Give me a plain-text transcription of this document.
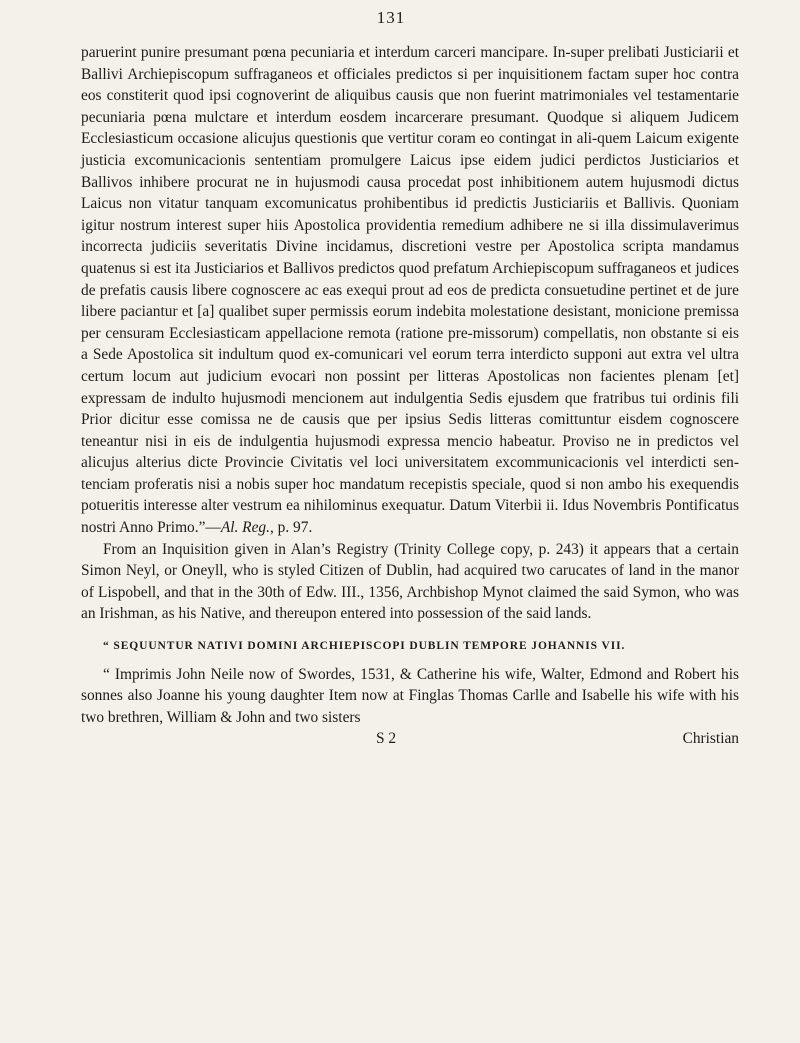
131

paruerint punire presumant pœna pecuniaria et interdum carceri mancipare. In-super prelibati Justiciarii et Ballivi Archiepiscopum suffraganeos et officiales predictos si per inquisitionem factam super hoc contra eos constiterit quod ipsi cognoverint de aliquibus causis que non fuerint matrimoniales vel testamentarie pecuniaria pœna mulctare et interdum eosdem incarcerare presumant. Quodque si aliquem Judicem Ecclesiasticum occasione alicujus questionis que vertitur coram eo contingat in ali-quem Laicum exigente justicia excomunicacionis sententiam promulgere Laicus ipse eidem judici perdictos Justiciarios et Ballivos inhibere procurat ne in hujusmodi causa procedat post inhibitionem autem hujusmodi dictus Laicus non vitatur tanquam excomunicatus prohibentibus id predictis Justiciariis et Ballivis. Quoniam igitur nostrum interest super hiis Apostolica providentia remedium adhibere ne si illa dissimulaverimus incorrecta judiciis severitatis Divine incidamus, discretioni vestre per Apostolica scripta mandamus quatenus si est ita Justiciarios et Ballivos predictos quod prefatum Archiepiscopum suffraganeos et judices de prefatis causis libere cognoscere ac eas exequi prout ad eos de predicta consuetudine pertinet et de jure libere paciantur et [a] qualibet super permissis eorum indebita molestatione desistant, monicione premissa per censuram Ecclesiasticam appellacione remota (ratione pre-missorum) compellatis, non obstante si eis a Sede Apostolica sit indultum quod ex-comunicari vel eorum terra interdicto supponi aut extra vel ultra certum locum aut judicium evocari non possint per litteras Apostolicas non facientes plenam [et] expressam de indulto hujusmodi mencionem aut indulgentia Sedis ejusdem que fratribus tui ordinis fili Prior dicitur esse comissa ne de causis que per ipsius Sedis litteras comittuntur eisdem cognoscere teneantur nisi in eis de indulgentia hujusmodi expressa mencio habeatur. Proviso ne in predictos vel alicujus alterius dicte Provincie Civitatis vel loci universitatem excommunicacionis vel interdicti sen-tenciam proferatis nisi a nobis super hoc mandatum recepistis speciale, quod si non ambo his exequendis potueritis interesse alter vestrum ea nihilominus exequatur. Datum Viterbii ii. Idus Novembris Pontificatus nostri Anno Primo.”—Al. Reg., p. 97.

From an Inquisition given in Alan’s Registry (Trinity College copy, p. 243) it appears that a certain Simon Neyl, or Oneyll, who is styled Citizen of Dublin, had acquired two carucates of land in the manor of Lispobell, and that in the 30th of Edw. III., 1356, Archbishop Mynot claimed the said Symon, who was an Irishman, as his Native, and thereupon entered into possession of the said lands.

“ SEQUUNTUR NATIVI DOMINI ARCHIEPISCOPI DUBLIN TEMPORE JOHANNIS VII.

“ Imprimis John Neile now of Swordes, 1531, & Catherine his wife, Walter, Edmond and Robert his sonnes also Joanne his young daughter Item now at Finglas Thomas Carlle and Isabelle his wife with his two brethren, William & John and two sisters

S 2	Christian
